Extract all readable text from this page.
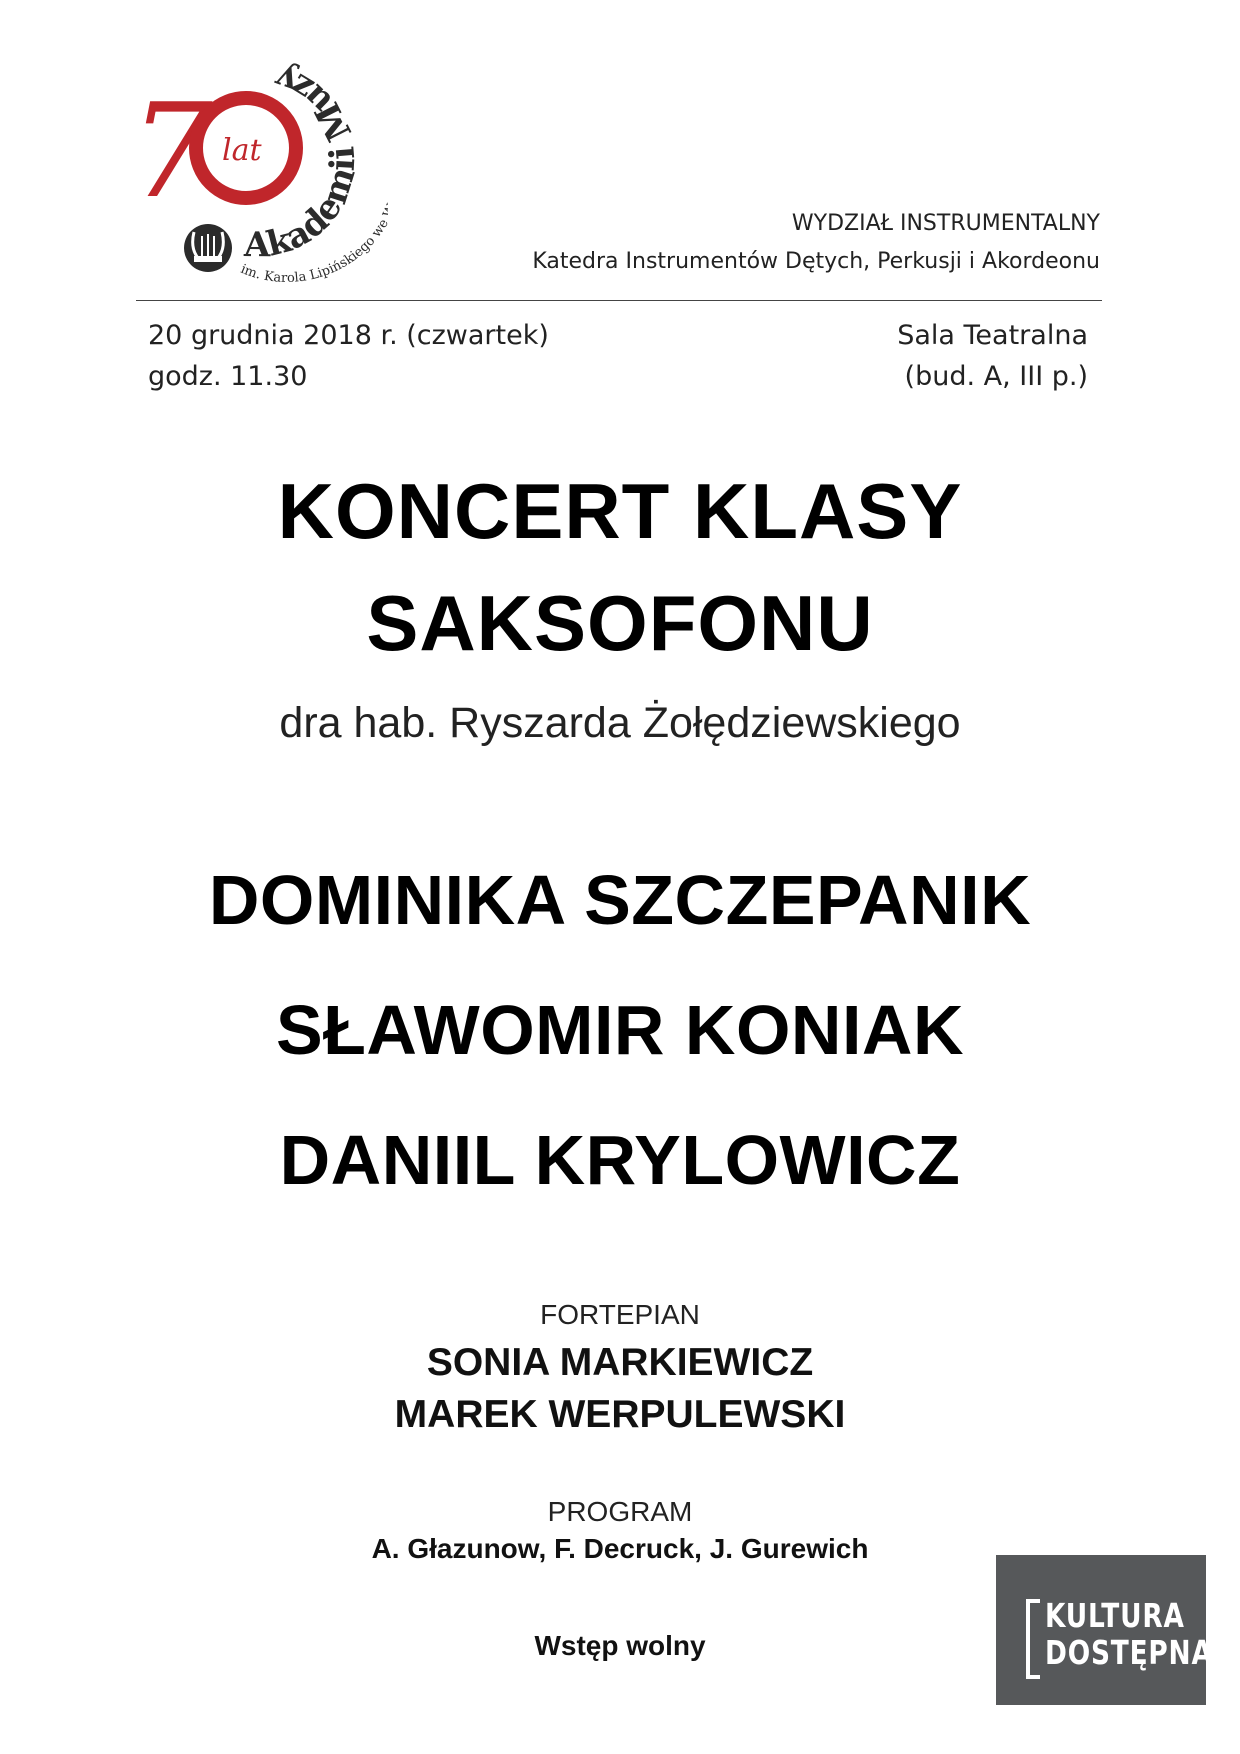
7 lat
Akademii Muzy
im. Karola Lipińskiego w	WYDZIAŁ INSTRUMENTALNY
Katedra Instrumentów Dętych, Perkusji i Akordeonu
20 grudnia 2018 r. (czwartek)
godz. 11.30
Sala Teatralna
(bud. A, III p.)
KONCERT KLASY
SAKSOFONU
dra hab. Ryszarda Żołędziewskiego
DOMINIKA SZCZEPANIK
SŁAWOMIR KONIAK
DANIIL KRYLOWICZ
FORTEPIAN
SONIA MARKIEWICZ
MAREK WERPULEWSKI
PROGRAM
A. Głazunow, F. Decruck, J. Gurewich
Wstęp wolny
KULTURA
DOSTĘPNA
